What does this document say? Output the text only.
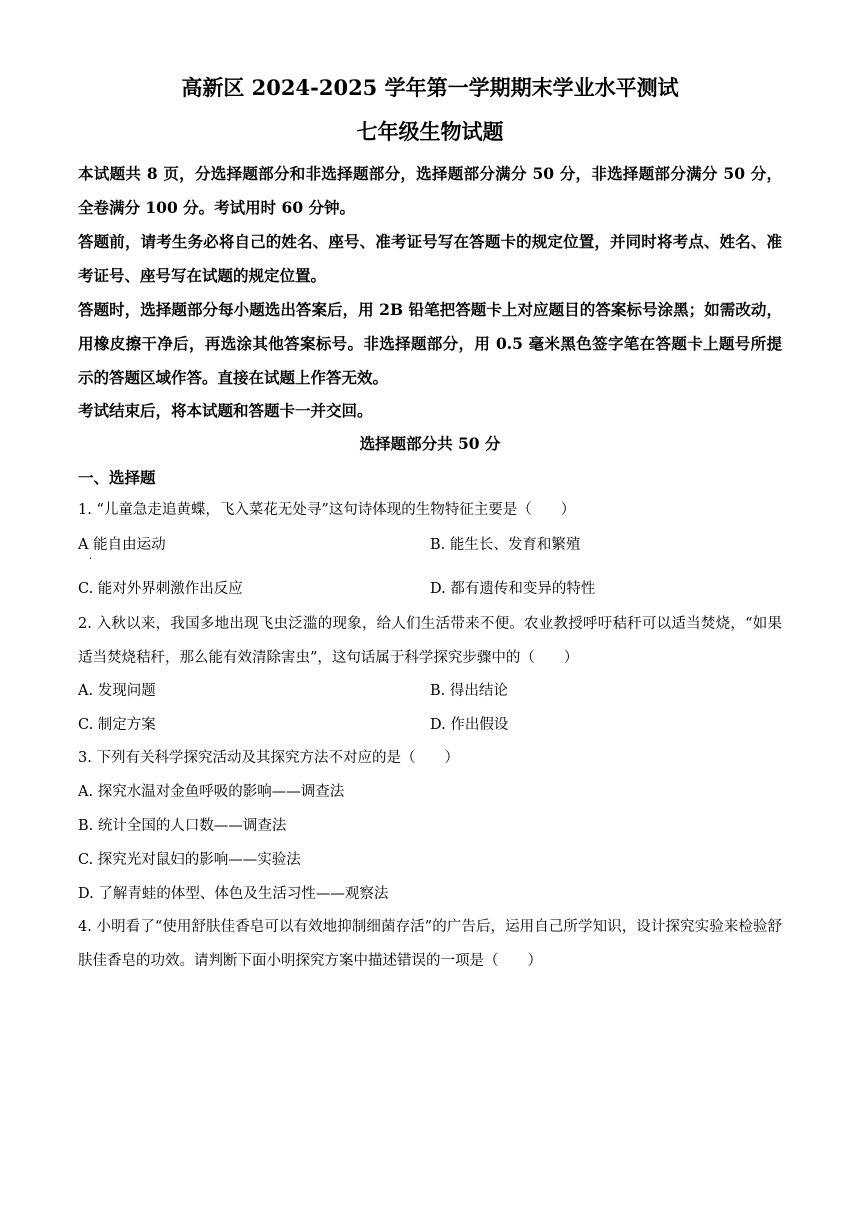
高新区 2024-2025 学年第一学期期末学业水平测试
七年级生物试题
本试题共 8 页，分选择题部分和非选择题部分，选择题部分满分 50 分，非选择题部分满分 50 分，全卷满分 100 分。考试用时 60 分钟。
答题前，请考生务必将自己的姓名、座号、准考证号写在答题卡的规定位置，并同时将考点、姓名、准考证号、座号写在试题的规定位置。
答题时，选择题部分每小题选出答案后，用 2B 铅笔把答题卡上对应题目的答案标号涂黑；如需改动，用橡皮擦干净后，再选涂其他答案标号。非选择题部分，用 0.5 毫米黑色签字笔在答题卡上题号所提示的答题区域作答。直接在试题上作答无效。
考试结束后，将本试题和答题卡一并交回。
选择题部分共 50 分
一、选择题
1. “儿童急走追黄蝶，飞入菜花无处寻”这句诗体现的生物特征主要是（　　）
A 能自由运动
·
B. 能生长、发育和繁殖
C. 能对外界刺激作出反应	D. 都有遗传和变异的特性
2. 入秋以来，我国多地出现飞虫泛滥的现象，给人们生活带来不便。农业教授呼吁秸秆可以适当焚烧，“如果适当焚烧秸秆，那么能有效清除害虫”，这句话属于科学探究步骤中的（　　）
A. 发现问题	B. 得出结论
C. 制定方案	D. 作出假设
3. 下列有关科学探究活动及其探究方法不对应的是（　　）
A. 探究水温对金鱼呼吸的影响——调查法
B. 统计全国的人口数——调查法
C. 探究光对鼠妇的影响——实验法
D. 了解青蛙的体型、体色及生活习性——观察法
4. 小明看了“使用舒肤佳香皂可以有效地抑制细菌存活”的广告后，运用自己所学知识，设计探究实验来检验舒肤佳香皂的功效。请判断下面小明探究方案中描述错误的一项是（　　）
